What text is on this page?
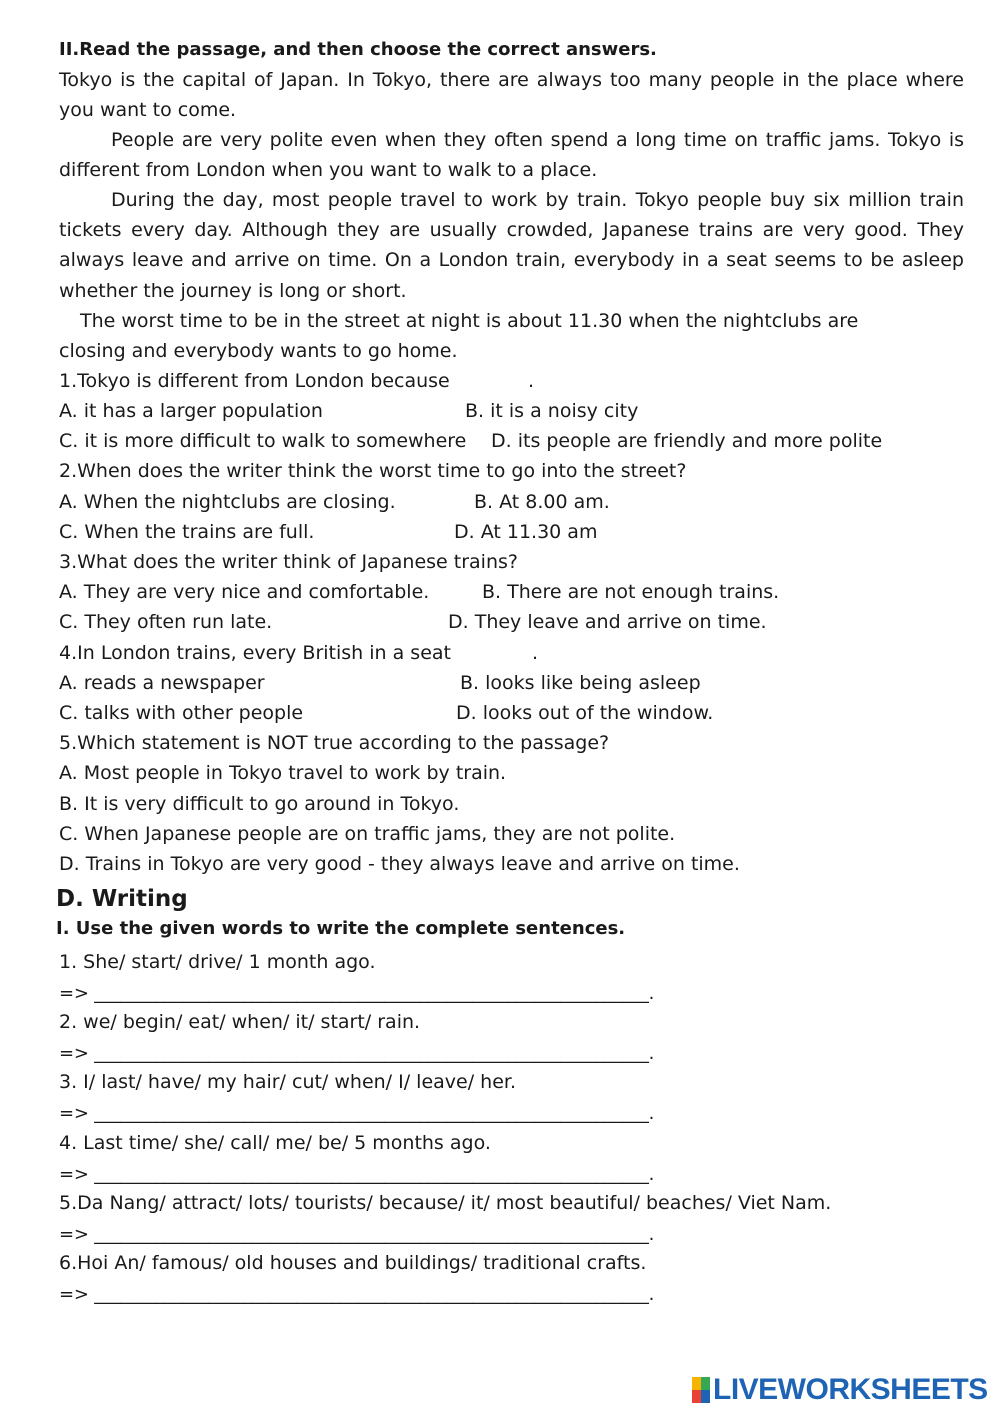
II.Read the passage, and then choose the correct answers.
Tokyo is the capital of Japan. In Tokyo, there are always too many people in the place where you want to come.
People are very polite even when they often spend a long time on traffic jams. Tokyo is different from London when you want to walk to a place.
During the day, most people travel to work by train. Tokyo people buy six million train tickets every day. Although they are usually crowded, Japanese trains are very good. They always leave and arrive on time. On a London train, everybody in a seat seems to be asleep whether the journey is long or short.
The worst time to be in the street at night is about 11.30 when the nightclubs are
closing and everybody wants to go home.
1.Tokyo is different from London because	.
A. it has a larger population	B. it is a noisy city
C. it is more difficult to walk to somewhere D. its people are friendly and more polite
2.When does the writer think the worst time to go into the street?
A. When the nightclubs are closing.	B. At 8.00 am.
C. When the trains are full.	D. At 11.30 am
3.What does the writer think of Japanese trains?
A. They are very nice and comfortable.	B. There are not enough trains.
C. They often run late.	D. They leave and arrive on time.
4.In London trains, every British in a seat	.
A. reads a newspaper	B. looks like being asleep
C. talks with other people	D. looks out of the window.
5.Which statement is NOT true according to the passage?
A. Most people in Tokyo travel to work by train.
B. It is very difficult to go around in Tokyo.
C. When Japanese people are on traffic jams, they are not polite.
D. Trains in Tokyo are very good - they always leave and arrive on time.
D. Writing
I. Use the given words to write the complete sentences.
1. She/ start/ drive/ 1 month ago.
=> _______________________________________________________________.
2. we/ begin/ eat/ when/ it/ start/ rain.
=> _______________________________________________________________.
3. I/ last/ have/ my hair/ cut/ when/ I/ leave/ her.
=> _______________________________________________________________.
4. Last time/ she/ call/ me/ be/ 5 months ago.
=> _______________________________________________________________.
5.Da Nang/ attract/ lots/ tourists/ because/ it/ most beautiful/ beaches/ Viet Nam.
=> _______________________________________________________________.
6.Hoi An/ famous/ old houses and buildings/ traditional crafts.
=> _______________________________________________________________.
LIVEWORKSHEETS
